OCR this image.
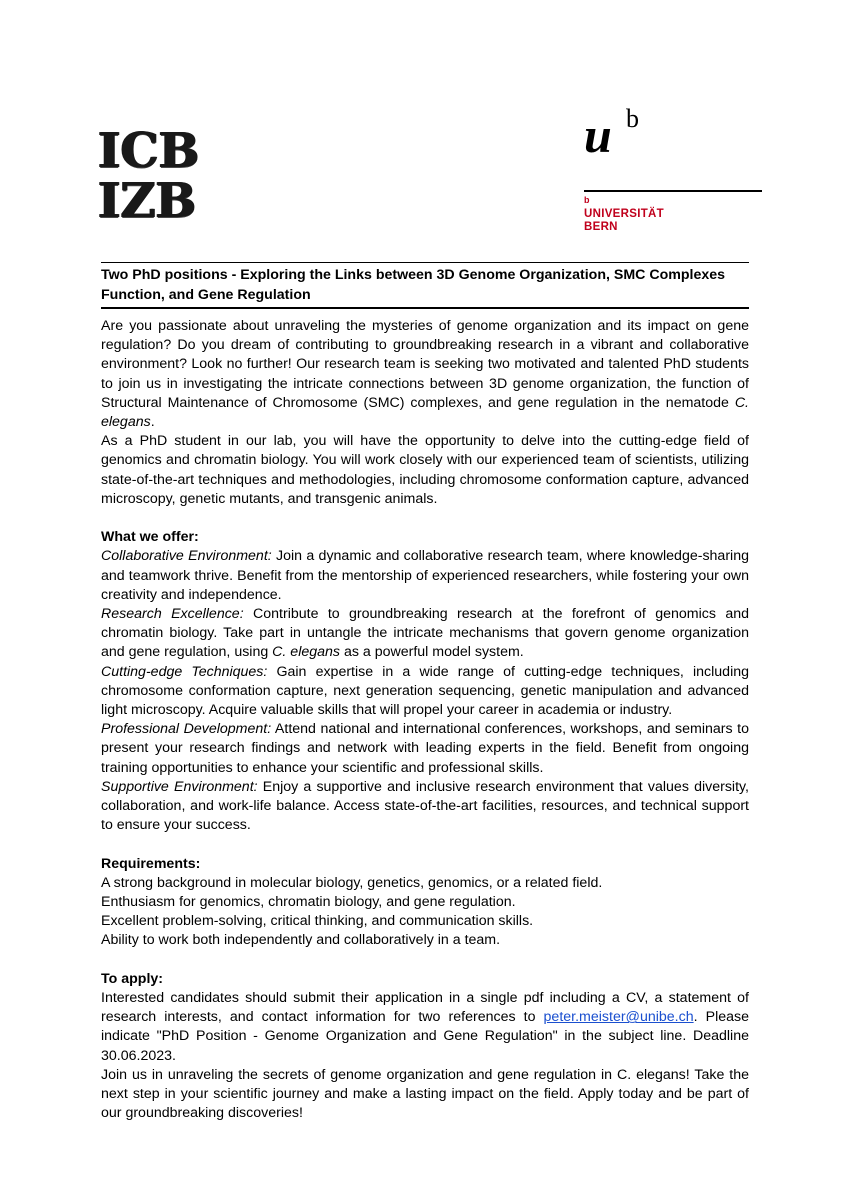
ICB
IZB
u b
b
UNIVERSITÄT
BERN
Two PhD positions - Exploring the Links between 3D Genome Organization, SMC Complexes Function, and Gene Regulation

Are you passionate about unraveling the mysteries of genome organization and its impact on gene regulation? Do you dream of contributing to groundbreaking research in a vibrant and collaborative environment? Look no further! Our research team is seeking two motivated and talented PhD students to join us in investigating the intricate connections between 3D genome organization, the function of Structural Maintenance of Chromosome (SMC) complexes, and gene regulation in the nematode C. elegans.

As a PhD student in our lab, you will have the opportunity to delve into the cutting-edge field of genomics and chromatin biology. You will work closely with our experienced team of scientists, utilizing state-of-the-art techniques and methodologies, including chromosome conformation capture, advanced microscopy, genetic mutants, and transgenic animals.

What we offer:

Collaborative Environment: Join a dynamic and collaborative research team, where knowledge-sharing and teamwork thrive. Benefit from the mentorship of experienced researchers, while fostering your own creativity and independence.

Research Excellence: Contribute to groundbreaking research at the forefront of genomics and chromatin biology. Take part in untangle the intricate mechanisms that govern genome organization and gene regulation, using C. elegans as a powerful model system.

Cutting-edge Techniques: Gain expertise in a wide range of cutting-edge techniques, including chromosome conformation capture, next generation sequencing, genetic manipulation and advanced light microscopy. Acquire valuable skills that will propel your career in academia or industry.

Professional Development: Attend national and international conferences, workshops, and seminars to present your research findings and network with leading experts in the field. Benefit from ongoing training opportunities to enhance your scientific and professional skills.

Supportive Environment: Enjoy a supportive and inclusive research environment that values diversity, collaboration, and work-life balance. Access state-of-the-art facilities, resources, and technical support to ensure your success.

Requirements:

A strong background in molecular biology, genetics, genomics, or a related field.

Enthusiasm for genomics, chromatin biology, and gene regulation.

Excellent problem-solving, critical thinking, and communication skills.

Ability to work both independently and collaboratively in a team.

To apply:

Interested candidates should submit their application in a single pdf including a CV, a statement of research interests, and contact information for two references to peter.meister@unibe.ch. Please indicate "PhD Position - Genome Organization and Gene Regulation" in the subject line. Deadline 30.06.2023.

Join us in unraveling the secrets of genome organization and gene regulation in C. elegans! Take the next step in your scientific journey and make a lasting impact on the field. Apply today and be part of our groundbreaking discoveries!
